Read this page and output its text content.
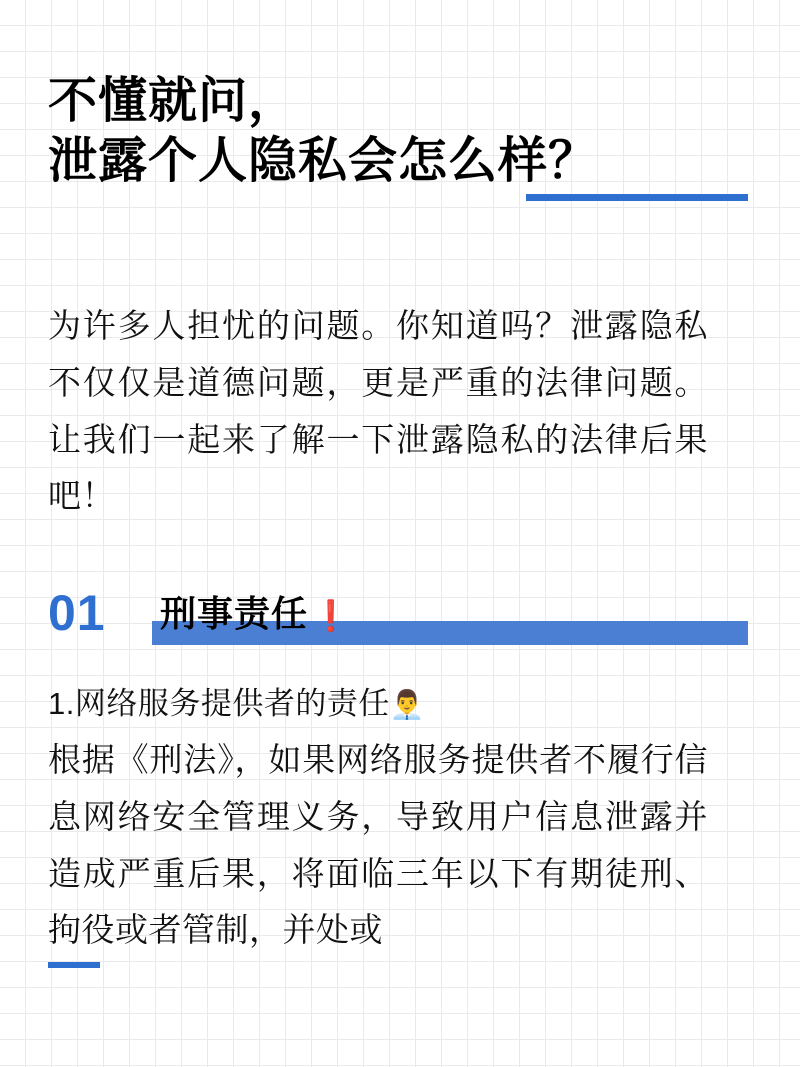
不懂就问，
泄露个人隐私会怎么样？
为许多人担忧的问题。你知道吗？泄露隐私不仅仅是道德问题，更是严重的法律问题。让我们一起来了解一下泄露隐私的法律后果吧！
01 刑事责任 ❗
1.网络服务提供者的责任👨‍💼
根据《刑法》，如果网络服务提供者不履行信息网络安全管理义务，导致用户信息泄露并造成严重后果，将面临三年以下有期徒刑、拘役或者管制，并处或
